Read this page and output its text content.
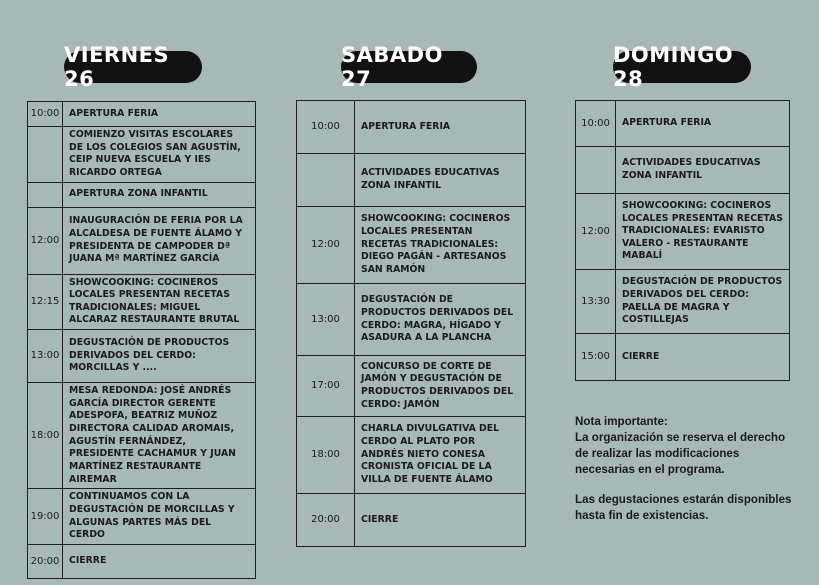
VIERNES 26
SABADO 27
DOMINGO 28
10:00	APERTURA FERIA
	COMIENZO VISITAS ESCOLARES DE LOS COLEGIOS SAN AGUSTÍN, CEIP NUEVA ESCUELA Y IES RICARDO ORTEGA
	APERTURA ZONA INFANTIL
12:00	INAUGURACIÓN DE FERIA POR LA ALCALDESA DE FUENTE ÁLAMO Y PRESIDENTA DE CAMPODER Dª JUANA Mª MARTÍNEZ GARCÍA
12:15	SHOWCOOKING: COCINEROS LOCALES PRESENTAN RECETAS TRADICIONALES: MIGUEL ALCARAZ RESTAURANTE BRUTAL
13:00	DEGUSTACIÓN DE PRODUCTOS DERIVADOS DEL CERDO: MORCILLAS Y ....
18:00	MESA REDONDA: JOSÉ ANDRÉS GARCÍA DIRECTOR GERENTE ADESPOFA, BEATRIZ MUÑOZ DIRECTORA CALIDAD AROMAIS, AGUSTÍN FERNÁNDEZ, PRESIDENTE CACHAMUR Y JUAN MARTÍNEZ RESTAURANTE AIREMAR
19:00	CONTINUAMOS CON LA DEGUSTACIÓN DE MORCILLAS Y ALGUNAS PARTES MÁS DEL CERDO
20:00	CIERRE
10:00	APERTURA FERIA
	ACTIVIDADES EDUCATIVAS ZONA INFANTIL
12:00	SHOWCOOKING: COCINEROS LOCALES PRESENTAN RECETAS TRADICIONALES: DIEGO PAGÁN - ARTESANOS SAN RAMÓN
13:00	DEGUSTACIÓN DE PRODUCTOS DERIVADOS DEL CERDO: MAGRA, HÍGADO Y ASADURA A LA PLANCHA
17:00	CONCURSO DE CORTE DE JAMÓN Y DEGUSTACIÓN DE PRODUCTOS DERIVADOS DEL CERDO: JAMÓN
18:00	CHARLA DIVULGATIVA DEL CERDO AL PLATO POR ANDRÉS NIETO CONESA CRONISTA OFICIAL DE LA VILLA DE FUENTE ÁLAMO
20:00	CIERRE
10:00	APERTURA FERIA
	ACTIVIDADES EDUCATIVAS ZONA INFANTIL
12:00	SHOWCOOKING: COCINEROS LOCALES PRESENTAN RECETAS TRADICIONALES: EVARISTO VALERO - RESTAURANTE MABALÍ
13:30	DEGUSTACIÓN DE PRODUCTOS DERIVADOS DEL CERDO: PAELLA DE MAGRA Y COSTILLEJAS
15:00	CIERRE

Nota importante:

La organización se reserva el derecho de realizar las modificaciones necesarias en el programa.

Las degustaciones estarán disponibles hasta fin de existencias.
